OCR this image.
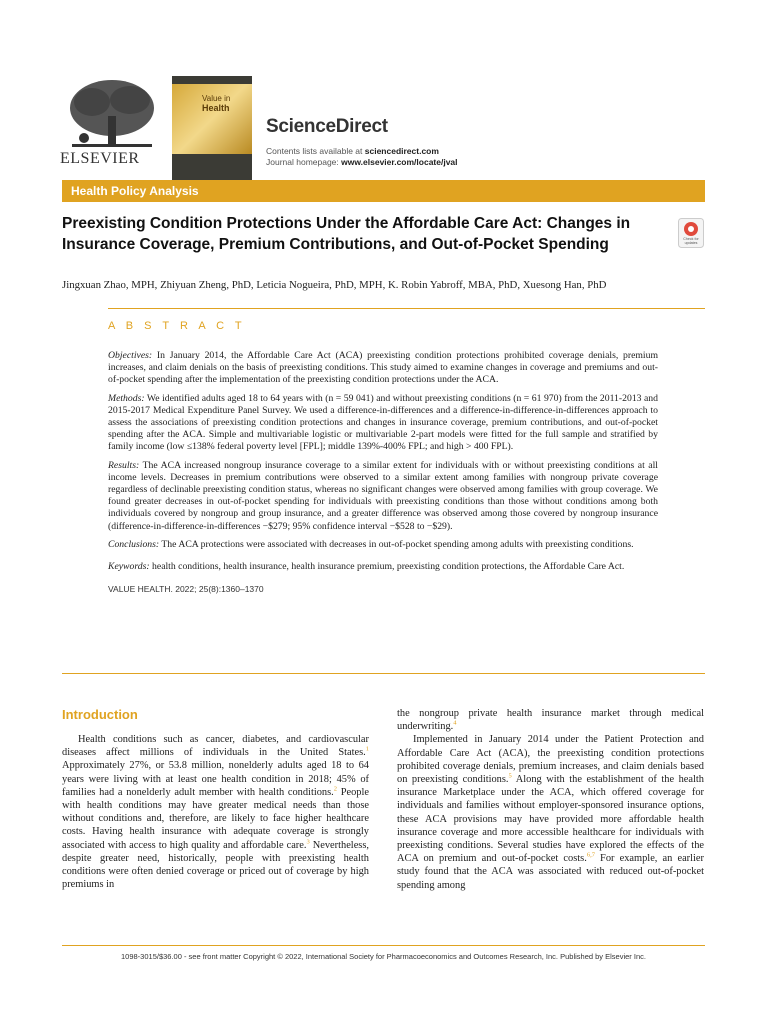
ELSEVIER
Value in
Health
ScienceDirect
Contents lists available at sciencedirect.com
Journal homepage: www.elsevier.com/locate/jval
Health Policy Analysis
Preexisting Condition Protections Under the Affordable Care Act: Changes in Insurance Coverage, Premium Contributions, and Out-of-Pocket Spending	Check for updates
Jingxuan Zhao, MPH, Zhiyuan Zheng, PhD, Leticia Nogueira, PhD, MPH, K. Robin Yabroff, MBA, PhD, Xuesong Han, PhD
A B S T R A C T

Objectives: In January 2014, the Affordable Care Act (ACA) preexisting condition protections prohibited coverage denials, premium increases, and claim denials on the basis of preexisting conditions. This study aimed to examine changes in coverage and premiums and out-of-pocket spending after the implementation of the preexisting condition protections under the ACA.

Methods: We identified adults aged 18 to 64 years with (n = 59 041) and without preexisting conditions (n = 61 970) from the 2011-2013 and 2015-2017 Medical Expenditure Panel Survey. We used a difference-in-differences and a difference-in-difference-in-differences approach to assess the associations of preexisting condition protections and changes in insurance coverage, premium contributions, and out-of-pocket spending after the ACA. Simple and multivariable logistic or multivariable 2-part models were fitted for the full sample and stratified by family income (low ≤138% federal poverty level [FPL]; middle 139%-400% FPL; and high > 400 FPL).

Results: The ACA increased nongroup insurance coverage to a similar extent for individuals with or without preexisting conditions at all income levels. Decreases in premium contributions were observed to a similar extent among families with nongroup private coverage regardless of declinable preexisting condition status, whereas no significant changes were observed among families with group coverage. We found greater decreases in out-of-pocket spending for individuals with preexisting conditions than those without conditions among both individuals covered by nongroup and group insurance, and a greater difference was observed among those covered by nongroup insurance (difference-in-difference-in-differences −$279; 95% confidence interval −$528 to −$29).

Conclusions: The ACA protections were associated with decreases in out-of-pocket spending among adults with preexisting conditions.

Keywords: health conditions, health insurance, health insurance premium, preexisting condition protections, the Affordable Care Act.

VALUE HEALTH. 2022; 25(8):1360–1370

Introduction

Health conditions such as cancer, diabetes, and cardiovascular diseases affect millions of individuals in the United States.$^1$ Approximately 27%, or 53.8 million, nonelderly adults aged 18 to 64 years were living with at least one health condition in 2018; 45% of families had a nonelderly adult member with health conditions.$^2$ People with health conditions may have greater medical needs than those without conditions and, therefore, are likely to face higher healthcare costs. Having health insurance with adequate coverage is strongly associated with access to high quality and affordable care.$^3$ Nevertheless, despite greater need, historically, people with preexisting health conditions were often denied coverage or priced out of coverage by high premiums in

the nongroup private health insurance market through medical underwriting.$^4$

Implemented in January 2014 under the Patient Protection and Affordable Care Act (ACA), the preexisting condition protections prohibited coverage denials, premium increases, and claim denials based on preexisting conditions.$^5$ Along with the establishment of the health insurance Marketplace under the ACA, which offered coverage for individuals and families without employer-sponsored insurance options, these ACA provisions may have provided more affordable health insurance coverage and more accessible healthcare for individuals with preexisting conditions. Several studies have explored the effects of the ACA on premium and out-of-pocket costs.$^{6,7}$ For example, an earlier study found that the ACA was associated with reduced out-of-pocket spending among

1098-3015/$36.00 - see front matter Copyright © 2022, International Society for Pharmacoeconomics and Outcomes Research, Inc. Published by Elsevier Inc.
